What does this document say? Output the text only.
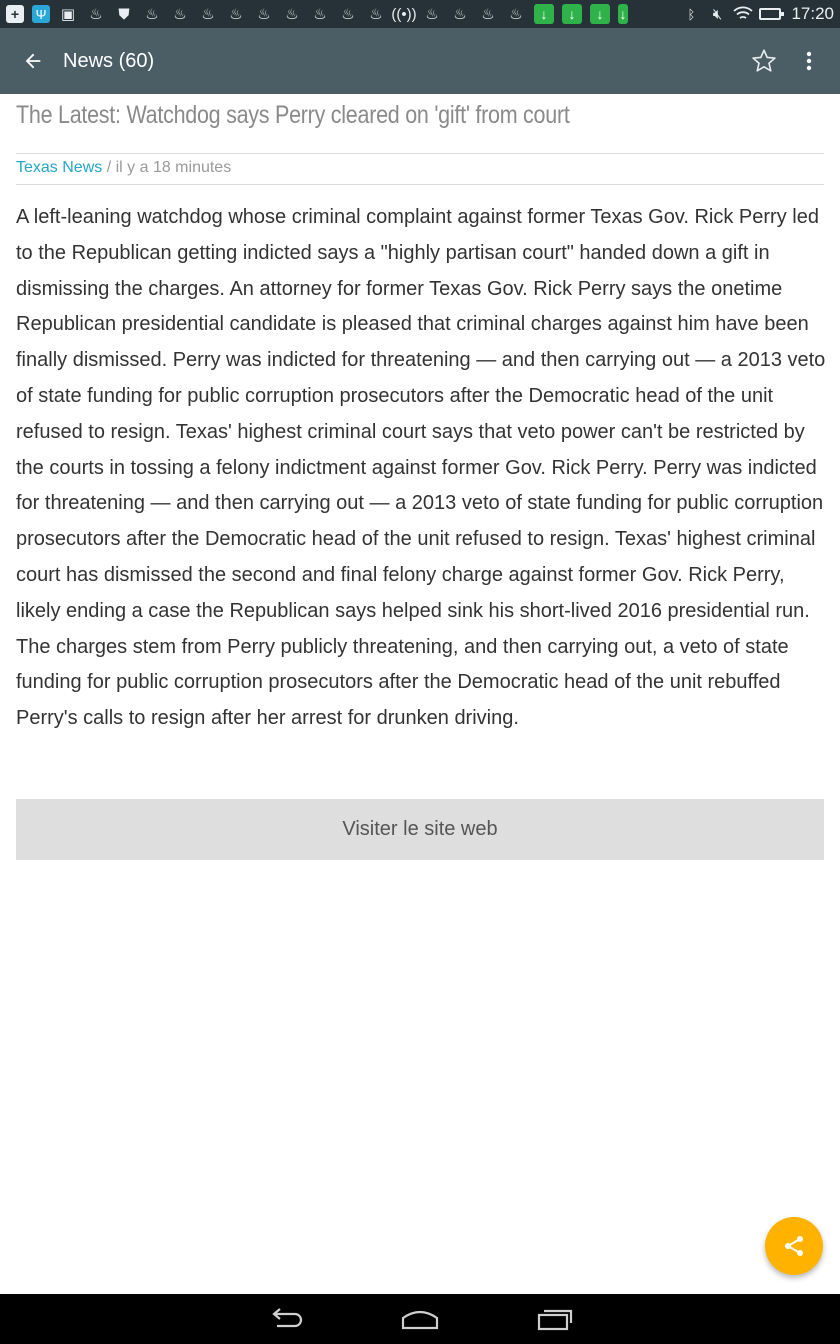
+	Ψ ▣ ♨ ⛊ ♨ ♨ ♨ ♨ ♨ ♨ ♨ ♨ ♨ ((•)) ♨ ♨ ♨ ♨	↓	↓	↓	↓	ᛒ	🔇︎	17:20
News (60)
The Latest: Watchdog says Perry cleared on 'gift' from court
Texas News / il y a 18 minutes
A left-leaning watchdog whose criminal complaint against former Texas Gov. Rick Perry led to the Republican getting indicted says a "highly partisan court" handed down a gift in dismissing the charges. An attorney for former Texas Gov. Rick Perry says the onetime Republican presidential candidate is pleased that criminal charges against him have been finally dismissed. Perry was indicted for threatening — and then carrying out — a 2013 veto of state funding for public corruption prosecutors after the Democratic head of the unit refused to resign. Texas' highest criminal court says that veto power can't be restricted by the courts in tossing a felony indictment against former Gov. Rick Perry. Perry was indicted for threatening — and then carrying out — a 2013 veto of state funding for public corruption prosecutors after the Democratic head of the unit refused to resign. Texas' highest criminal court has dismissed the second and final felony charge against former Gov. Rick Perry, likely ending a case the Republican says helped sink his short-lived 2016 presidential run. The charges stem from Perry publicly threatening, and then carrying out, a veto of state funding for public corruption prosecutors after the Democratic head of the unit rebuffed Perry's calls to resign after her arrest for drunken driving.
Visiter le site web
